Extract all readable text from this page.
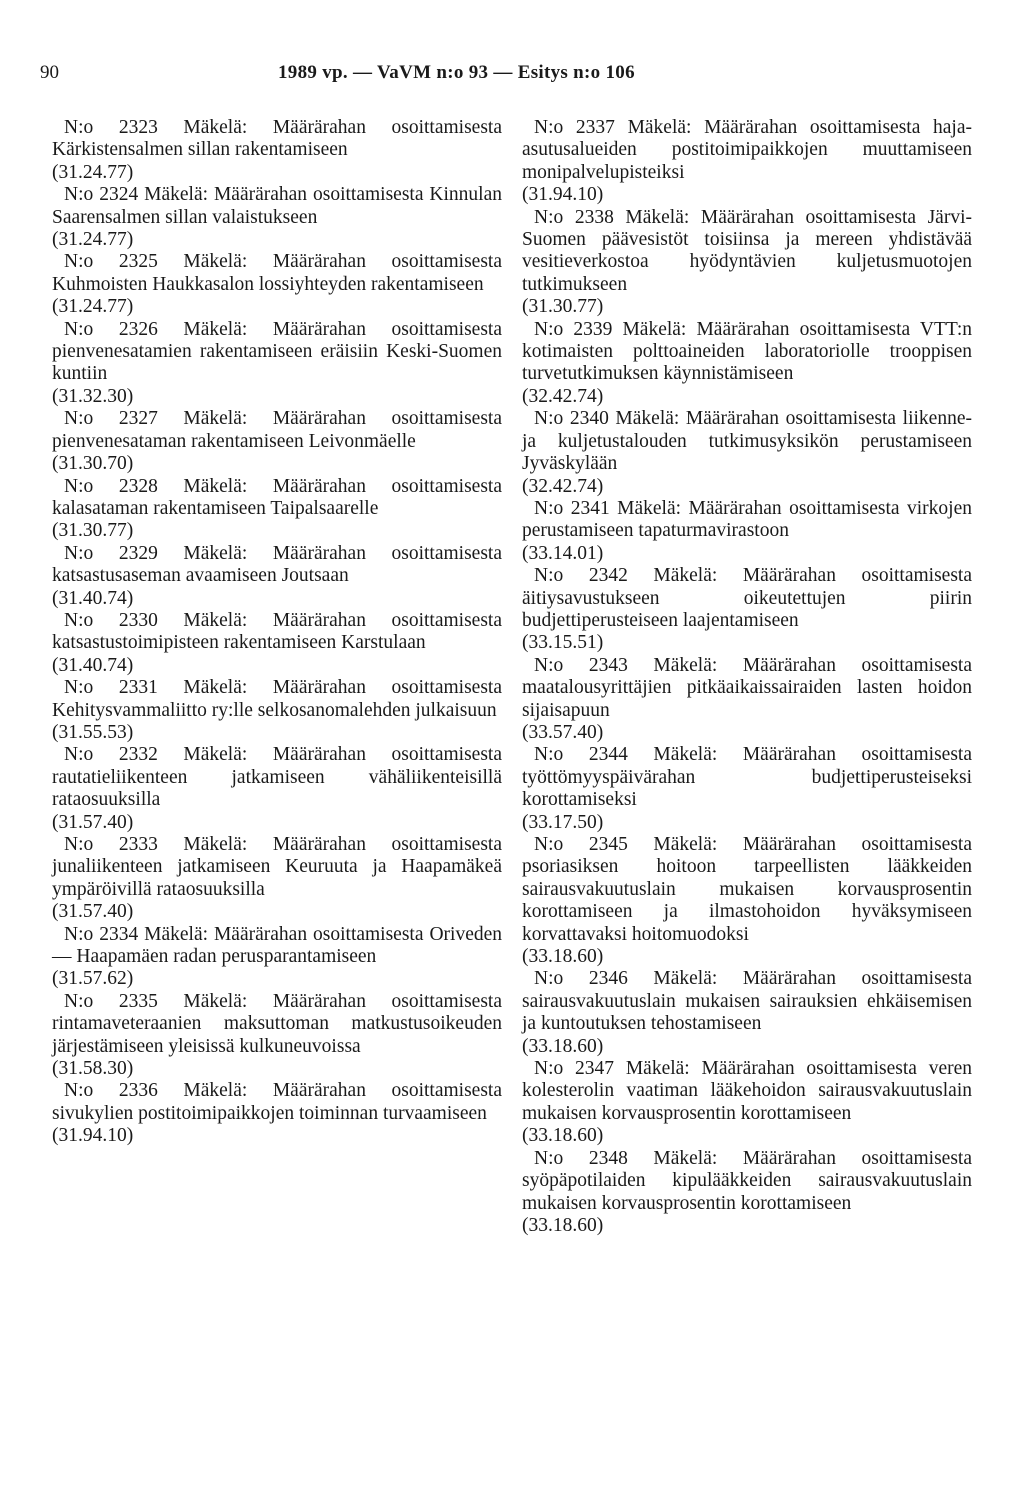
90	1989 vp. — VaVM n:o 93 — Esitys n:o 106

N:o 2323 Mäkelä: Määrärahan osoittamisesta Kärkistensalmen sillan rakentamiseen

(31.24.77)

N:o 2324 Mäkelä: Määrärahan osoittamisesta Kinnulan Saarensalmen sillan valaistukseen

(31.24.77)

N:o 2325 Mäkelä: Määrärahan osoittamisesta Kuhmoisten Haukkasalon lossiyhteyden rakentamiseen

(31.24.77)

N:o 2326 Mäkelä: Määrärahan osoittamisesta pienvenesatamien rakentamiseen eräisiin Keski-Suomen kuntiin

(31.32.30)

N:o 2327 Mäkelä: Määrärahan osoittamisesta pienvenesataman rakentamiseen Leivonmäelle

(31.30.70)

N:o 2328 Mäkelä: Määrärahan osoittamisesta kalasataman rakentamiseen Taipalsaarelle

(31.30.77)

N:o 2329 Mäkelä: Määrärahan osoittamisesta katsastusaseman avaamiseen Joutsaan

(31.40.74)

N:o 2330 Mäkelä: Määrärahan osoittamisesta katsastustoimipisteen rakentamiseen Karstulaan

(31.40.74)

N:o 2331 Mäkelä: Määrärahan osoittamisesta Kehitysvammaliitto ry:lle selkosanomalehden julkaisuun

(31.55.53)

N:o 2332 Mäkelä: Määrärahan osoittamisesta rautatieliikenteen jatkamiseen vähäliikenteisillä rataosuuksilla

(31.57.40)

N:o 2333 Mäkelä: Määrärahan osoittamisesta junaliikenteen jatkamiseen Keuruuta ja Haapamäkeä ympäröivillä rataosuuksilla

(31.57.40)

N:o 2334 Mäkelä: Määrärahan osoittamisesta Oriveden — Haapamäen radan perusparantamiseen

(31.57.62)

N:o 2335 Mäkelä: Määrärahan osoittamisesta rintamaveteraanien maksuttoman matkustusoikeuden järjestämiseen yleisissä kulkuneuvoissa

(31.58.30)

N:o 2336 Mäkelä: Määrärahan osoittamisesta sivukylien postitoimipaikkojen toiminnan turvaamiseen

(31.94.10)

N:o 2337 Mäkelä: Määrärahan osoittamisesta haja-asutusalueiden postitoimipaikkojen muuttamiseen monipalvelupisteiksi

(31.94.10)

N:o 2338 Mäkelä: Määrärahan osoittamisesta Järvi-Suomen päävesistöt toisiinsa ja mereen yhdistävää vesitieverkostoa hyödyntävien kuljetusmuotojen tutkimukseen

(31.30.77)

N:o 2339 Mäkelä: Määrärahan osoittamisesta VTT:n kotimaisten polttoaineiden laboratoriolle trooppisen turvetutkimuksen käynnistämiseen

(32.42.74)

N:o 2340 Mäkelä: Määrärahan osoittamisesta liikenne- ja kuljetustalouden tutkimusyksikön perustamiseen Jyväskylään

(32.42.74)

N:o 2341 Mäkelä: Määrärahan osoittamisesta virkojen perustamiseen tapaturmavirastoon

(33.14.01)

N:o 2342 Mäkelä: Määrärahan osoittamisesta äitiysavustukseen oikeutettujen piirin budjettiperusteiseen laajentamiseen

(33.15.51)

N:o 2343 Mäkelä: Määrärahan osoittamisesta maatalousyrittäjien pitkäaikaissairaiden lasten hoidon sijaisapuun

(33.57.40)

N:o 2344 Mäkelä: Määrärahan osoittamisesta työttömyyspäivärahan budjettiperusteiseksi korottamiseksi

(33.17.50)

N:o 2345 Mäkelä: Määrärahan osoittamisesta psoriasiksen hoitoon tarpeellisten lääkkeiden sairausvakuutuslain mukaisen korvausprosentin korottamiseen ja ilmastohoidon hyväksymiseen korvattavaksi hoitomuodoksi

(33.18.60)

N:o 2346 Mäkelä: Määrärahan osoittamisesta sairausvakuutuslain mukaisen sairauksien ehkäisemisen ja kuntoutuksen tehostamiseen

(33.18.60)

N:o 2347 Mäkelä: Määrärahan osoittamisesta veren kolesterolin vaatiman lääkehoidon sairausvakuutuslain mukaisen korvausprosentin korottamiseen

(33.18.60)

N:o 2348 Mäkelä: Määrärahan osoittamisesta syöpäpotilaiden kipulääkkeiden sairausvakuutuslain mukaisen korvausprosentin korottamiseen

(33.18.60)
